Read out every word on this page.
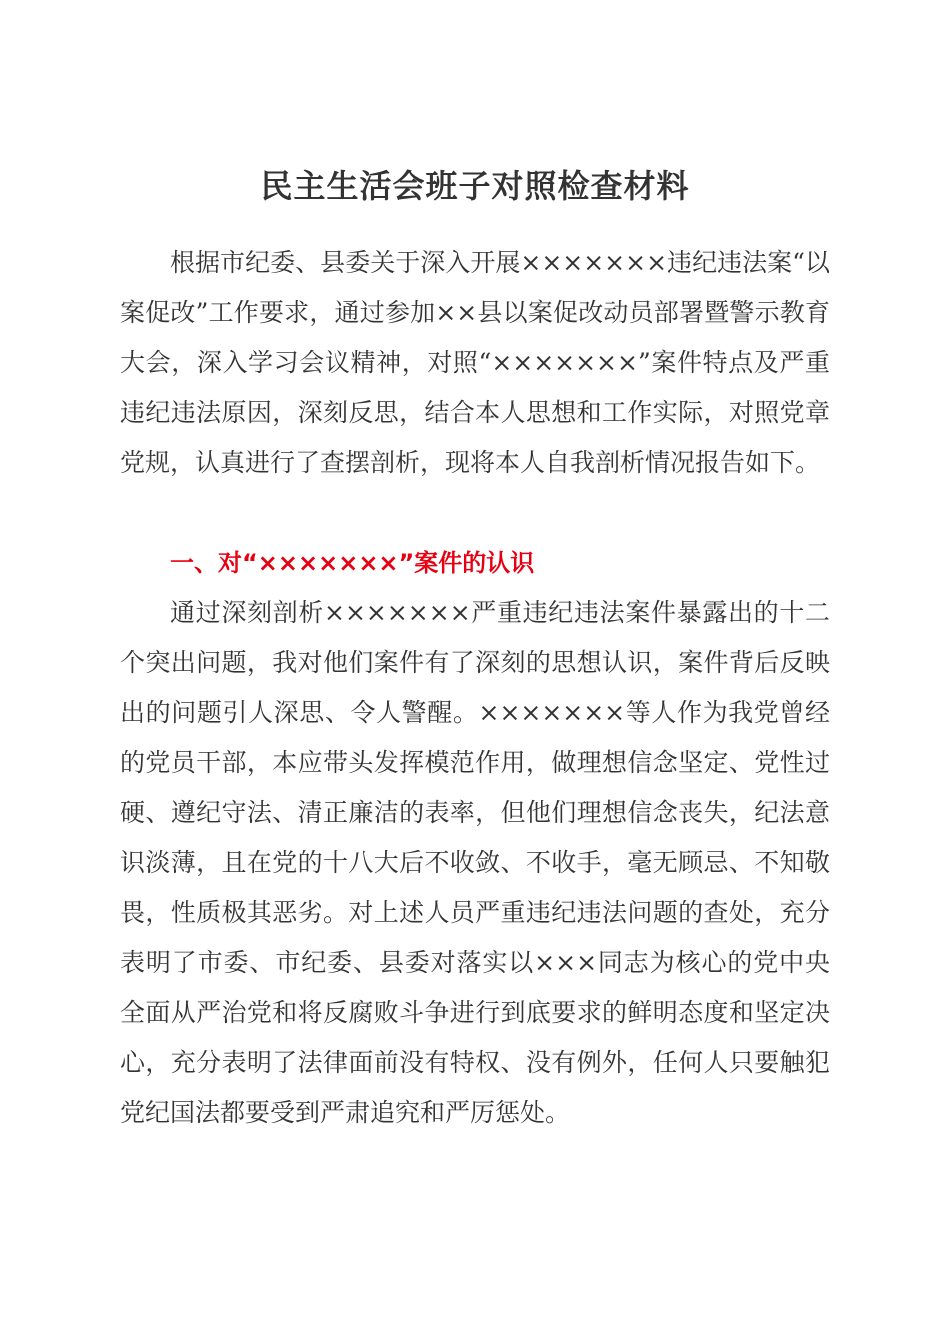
民主生活会班子对照检查材料

根据市纪委、县委关于深入开展×××××××违纪违法案“以案促改”工作要求，通过参加××县以案促改动员部署暨警示教育大会，深入学习会议精神，对照“×××××××”案件特点及严重违纪违法原因，深刻反思，结合本人思想和工作实际，对照党章党规，认真进行了查摆剖析，现将本人自我剖析情况报告如下。

一、对“×××××××”案件的认识

通过深刻剖析×××××××严重违纪违法案件暴露出的十二个突出问题，我对他们案件有了深刻的思想认识，案件背后反映出的问题引人深思、令人警醒。×××××××等人作为我党曾经的党员干部，本应带头发挥模范作用，做理想信念坚定、党性过硬、遵纪守法、清正廉洁的表率，但他们理想信念丧失，纪法意识淡薄，且在党的十八大后不收敛、不收手，毫无顾忌、不知敬畏，性质极其恶劣。对上述人员严重违纪违法问题的查处，充分表明了市委、市纪委、县委对落实以×××同志为核心的党中央全面从严治党和将反腐败斗争进行到底要求的鲜明态度和坚定决心，充分表明了法律面前没有特权、没有例外，任何人只要触犯党纪国法都要受到严肃追究和严厉惩处。
